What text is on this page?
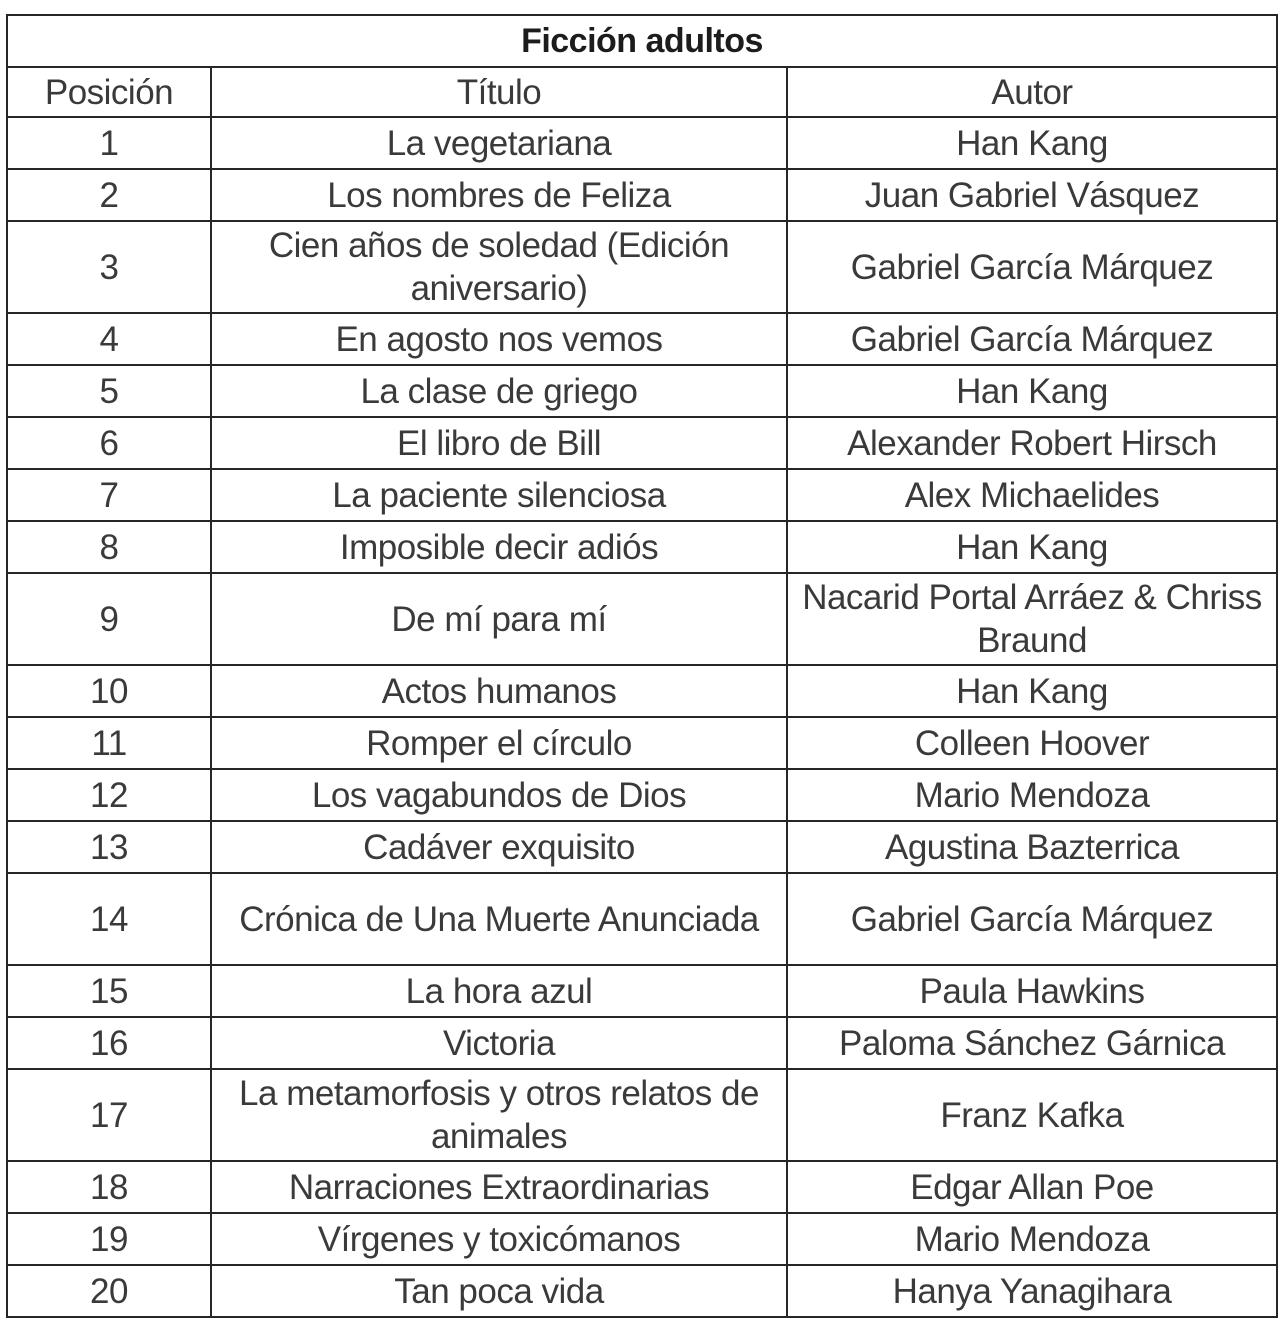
Ficción adultos		
Posición	Título	Autor
1	La vegetariana	Han Kang
2	Los nombres de Feliza	Juan Gabriel Vásquez
3	Cien años de soledad (Edición aniversario)	Gabriel García Márquez
4	En agosto nos vemos	Gabriel García Márquez
5	La clase de griego	Han Kang
6	El libro de Bill	Alexander Robert Hirsch
7	La paciente silenciosa	Alex Michaelides
8	Imposible decir adiós	Han Kang
9	De mí para mí	Nacarid Portal Arráez & Chriss Braund
10	Actos humanos	Han Kang
11	Romper el círculo	Colleen Hoover
12	Los vagabundos de Dios	Mario Mendoza
13	Cadáver exquisito	Agustina Bazterrica
14	Crónica de Una Muerte Anunciada	Gabriel García Márquez
15	La hora azul	Paula Hawkins
16	Victoria	Paloma Sánchez Gárnica
17	La metamorfosis y otros relatos de animales	Franz Kafka
18	Narraciones Extraordinarias	Edgar Allan Poe
19	Vírgenes y toxicómanos	Mario Mendoza
20	Tan poca vida	Hanya Yanagihara
